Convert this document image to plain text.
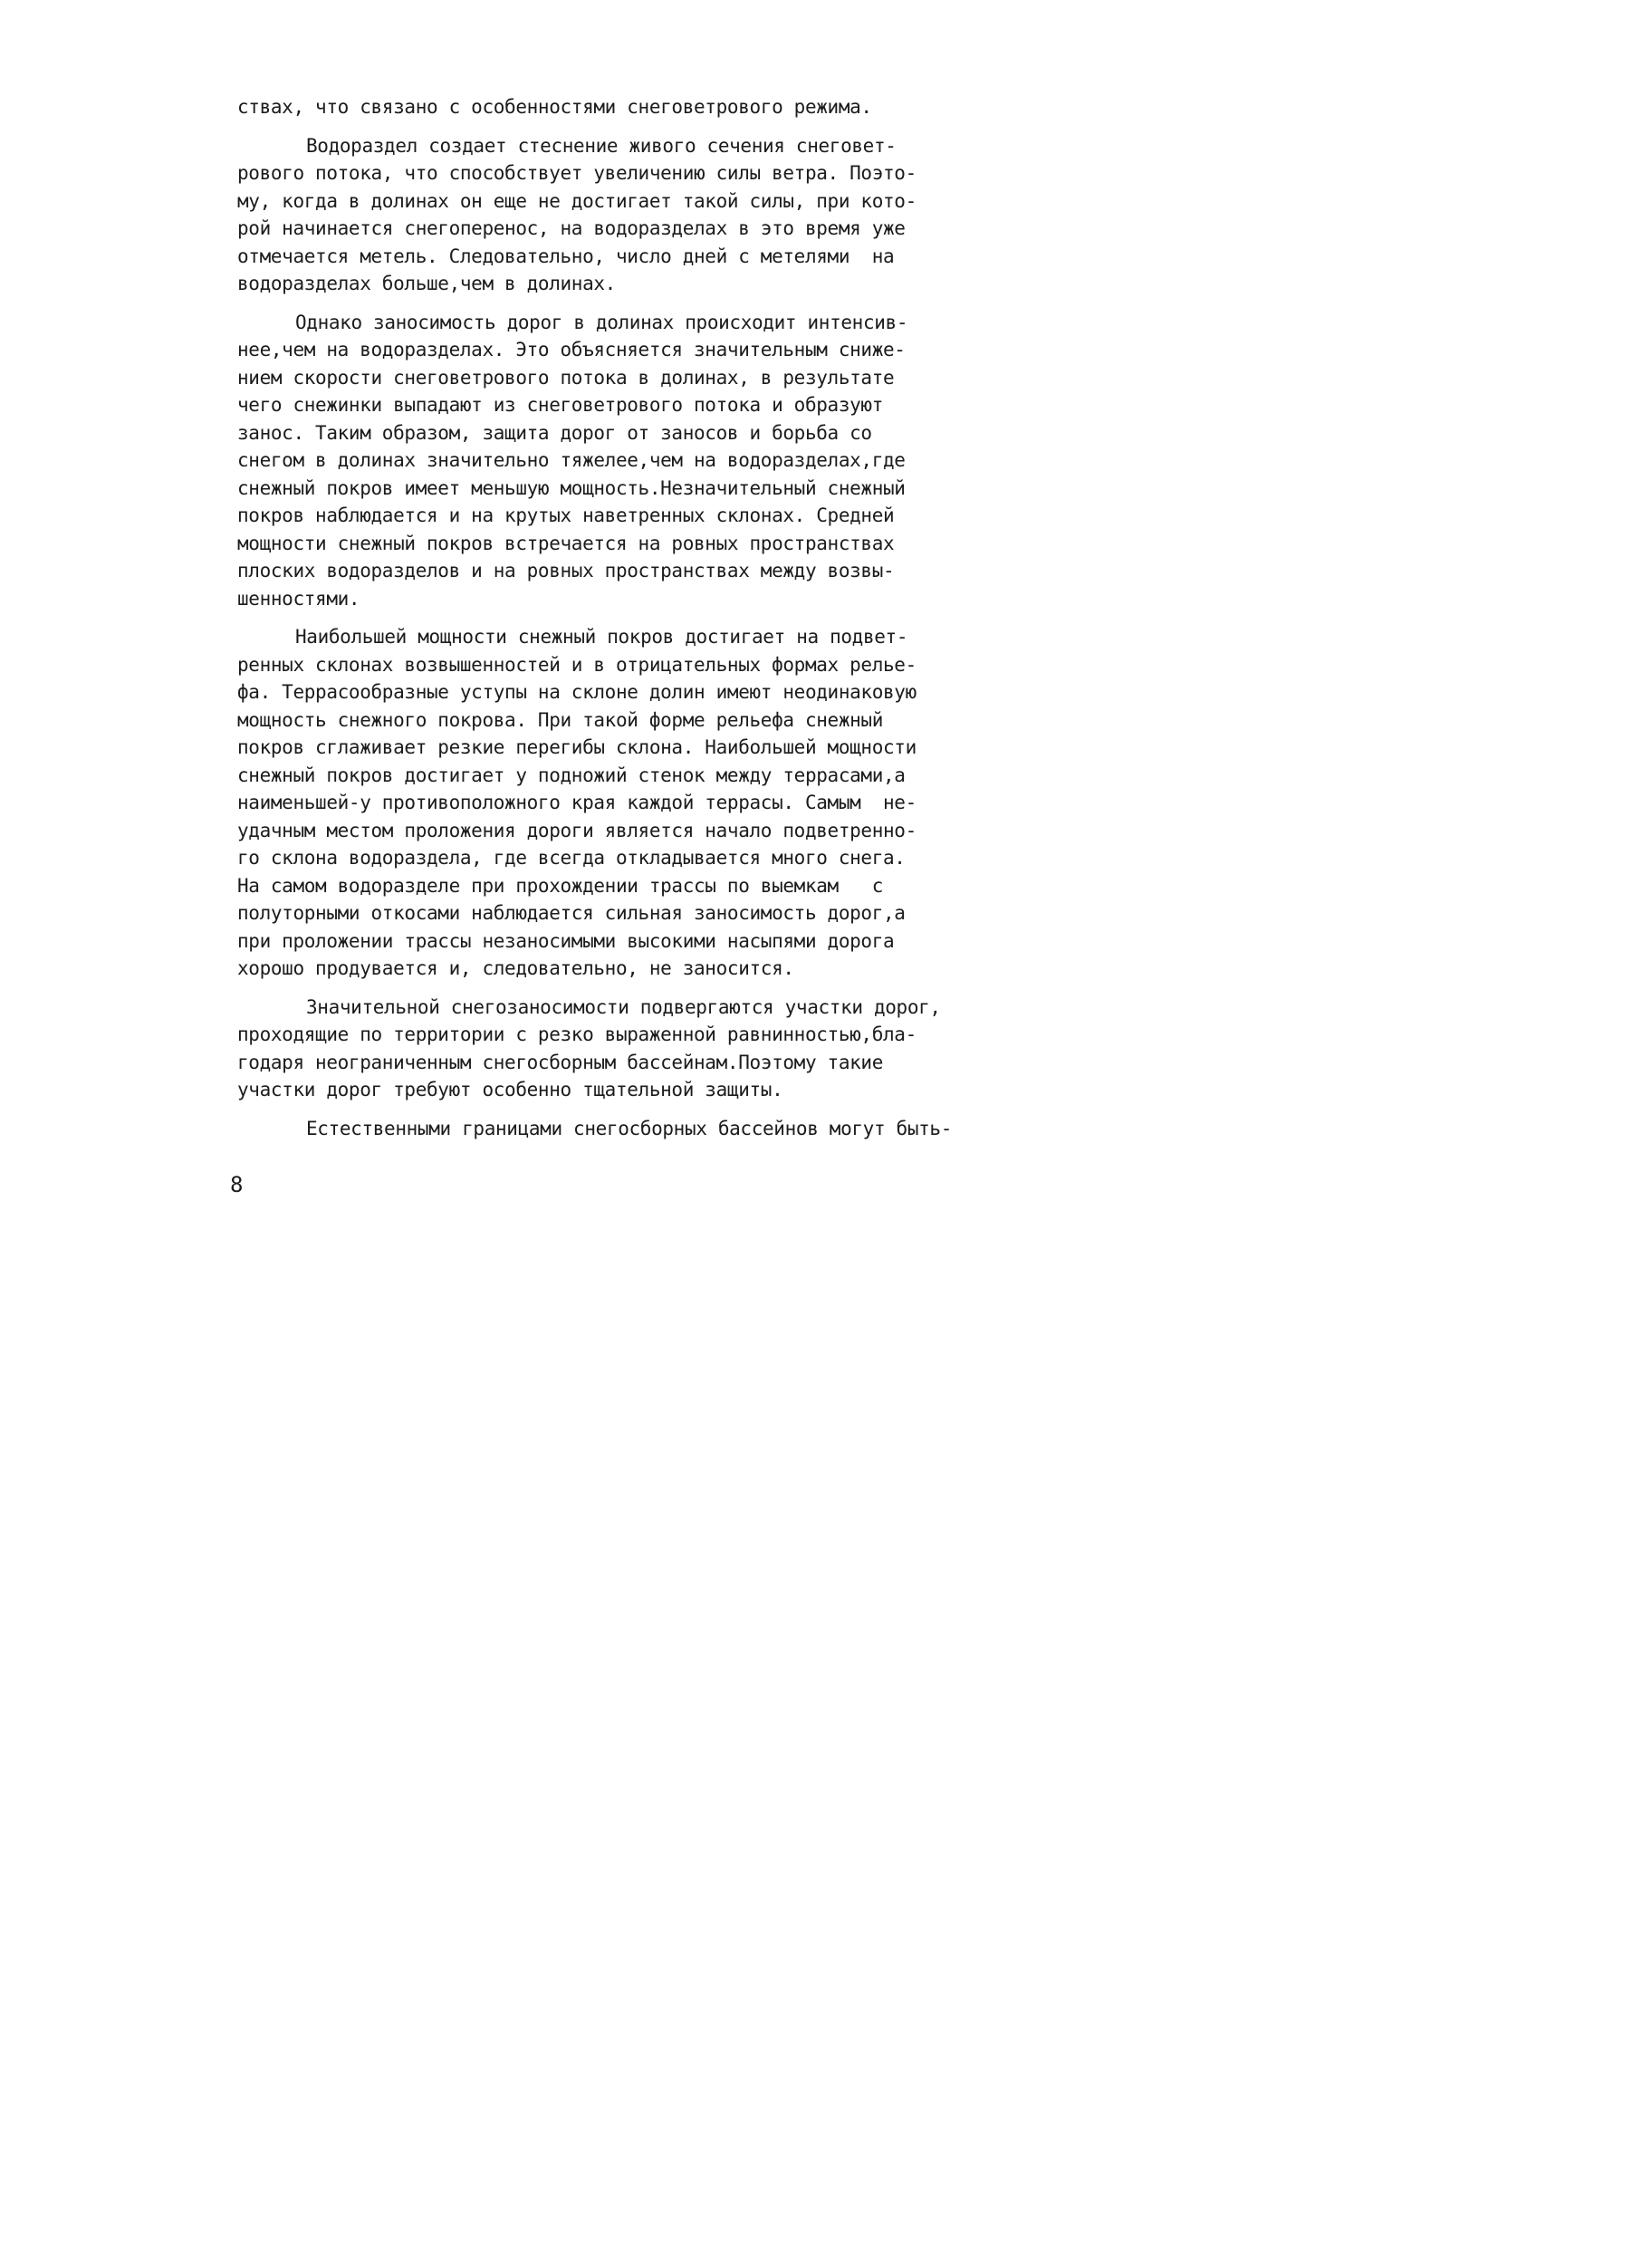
ствах, что связано с особенностями снеговетрового режима.
Водораздел создает стеснение живого сечения снеговет-
рового потока, что способствует увеличению силы ветра. Поэто-
му, когда в долинах он еще не достигает такой силы, при кото-
рой начинается снегоперенос, на водоразделах в это время уже
отмечается метель. Следовательно, число дней с метелями  на
водоразделах больше,чем в долинах.
Однако заносимость дорог в долинах происходит интенсив-
нее,чем на водоразделах. Это объясняется значительным сниже-
нием скорости снеговетрового потока в долинах, в результате
чего снежинки выпадают из снеговетрового потока и образуют
занос. Таким образом, защита дорог от заносов и борьба со
снегом в долинах значительно тяжелее,чем на водоразделах,где
снежный покров имеет меньшую мощность.Незначительный снежный
покров наблюдается и на крутых наветренных склонах. Средней
мощности снежный покров встречается на ровных пространствах
плоских водоразделов и на ровных пространствах между возвы-
шенностями.
Наибольшей мощности снежный покров достигает на подвет-
ренных склонах возвышенностей и в отрицательных формах релье-
фа. Террасообразные уступы на склоне долин имеют неодинаковую
мощность снежного покрова. При такой форме рельефа снежный
покров сглаживает резкие перегибы склона. Наибольшей мощности
снежный покров достигает у подножий стенок между террасами,а
наименьшей-у противоположного края каждой террасы. Самым  не-
удачным местом проложения дороги является начало подветренно-
го склона водораздела, где всегда откладывается много снега.
На самом водоразделе при прохождении трассы по выемкам   с
полуторными откосами наблюдается сильная заносимость дорог,а
при проложении трассы незаносимыми высокими насыпями дорога
хорошо продувается и, следовательно, не заносится.
Значительной снегозаносимости подвергаются участки дорог,
проходящие по территории с резко выраженной равнинностью,бла-
годаря неограниченным снегосборным бассейнам.Поэтому такие
участки дорог требуют особенно тщательной защиты.
Естественными границами снегосборных бассейнов могут быть-
8
